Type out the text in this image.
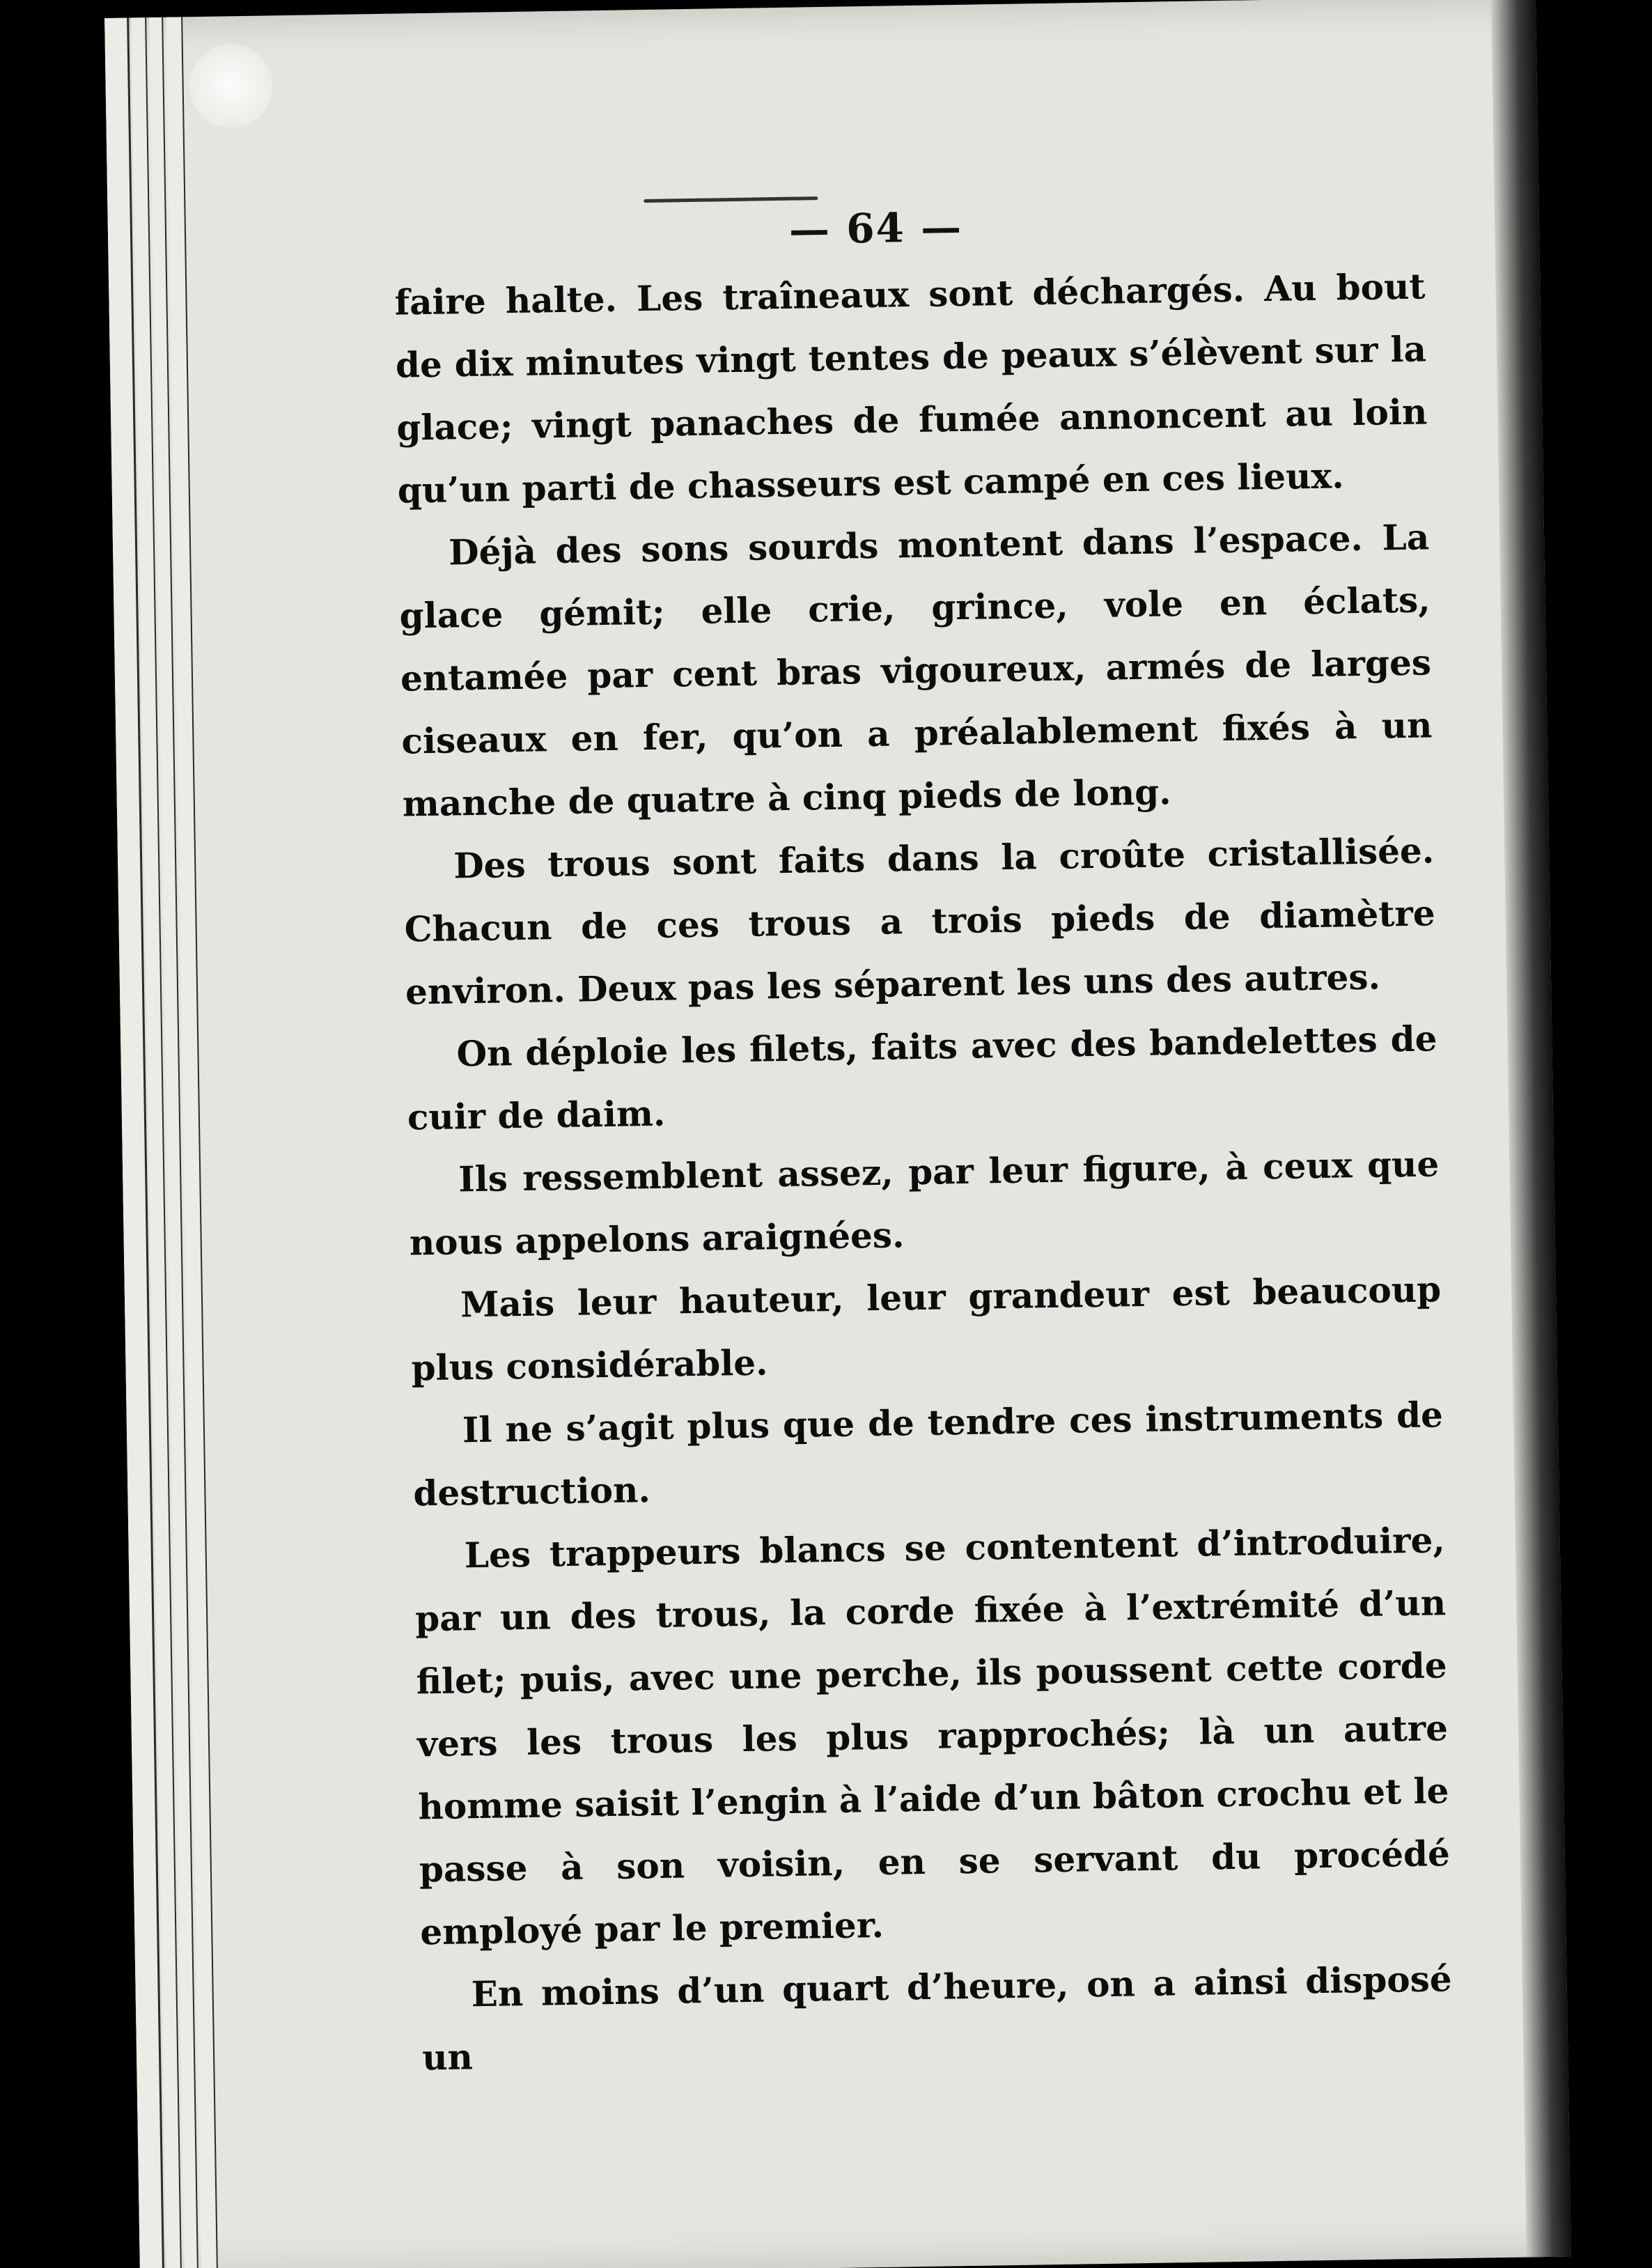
— 64 —

faire halte. Les traîneaux sont déchargés. Au bout de dix minutes vingt tentes de peaux s’élèvent sur la glace; vingt panaches de fumée annoncent au loin qu’un parti de chasseurs est campé en ces lieux.

Déjà des sons sourds montent dans l’espace. La glace gémit; elle crie, grince, vole en éclats, entamée par cent bras vigoureux, armés de larges ciseaux en fer, qu’on a préalablement fixés à un manche de quatre à cinq pieds de long.

Des trous sont faits dans la croûte cristallisée. Chacun de ces trous a trois pieds de diamètre environ. Deux pas les séparent les uns des autres.

On déploie les filets, faits avec des bandelettes de cuir de daim.

Ils ressemblent assez, par leur figure, à ceux que nous appelons araignées.

Mais leur hauteur, leur grandeur est beaucoup plus considérable.

Il ne s’agit plus que de tendre ces instruments de destruction.

Les trappeurs blancs se contentent d’introduire, par un des trous, la corde fixée à l’extrémité d’un filet; puis, avec une perche, ils poussent cette corde vers les trous les plus rapprochés; là un autre homme saisit l’engin à l’aide d’un bâton crochu et le passe à son voisin, en se servant du procédé employé par le premier.

En moins d’un quart d’heure, on a ainsi disposé un
